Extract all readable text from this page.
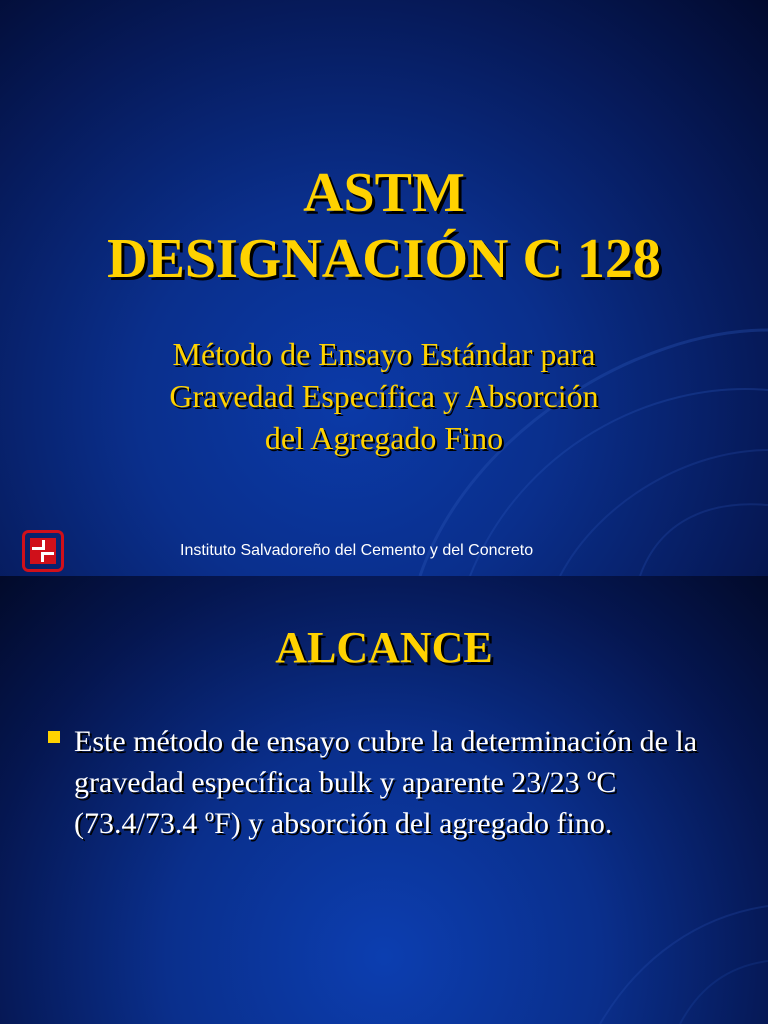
ASTM
DESIGNACIÓN C 128

Método de Ensayo Estándar para
Gravedad Específica y Absorción
del Agregado Fino

Instituto Salvadoreño del Cemento y del Concreto
ALCANCE

Este método de ensayo cubre la determinación de la gravedad específica bulk y aparente 23/23 ºC (73.4/73.4 ºF) y absorción del agregado fino.
